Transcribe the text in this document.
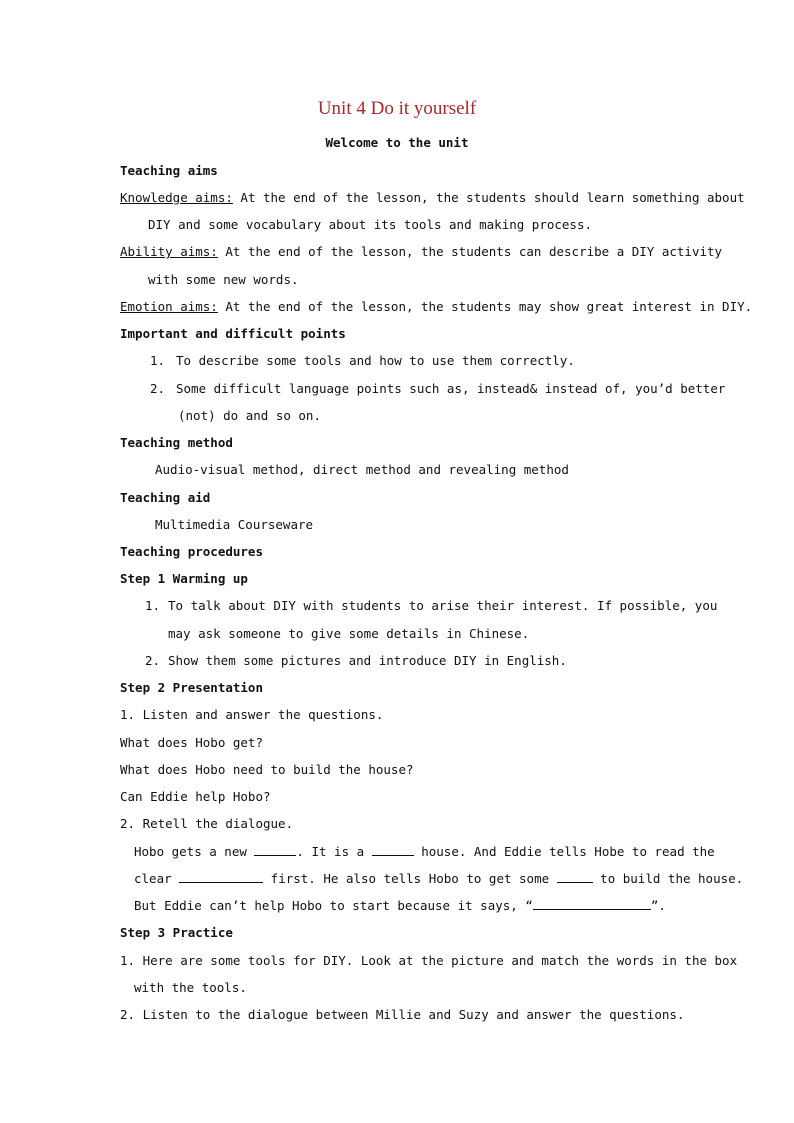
Unit 4 Do it yourself
Welcome to the unit
Teaching aims
Knowledge aims: At the end of the lesson, the students should learn something about
DIY and some vocabulary about its tools and making process.
Ability aims: At the end of the lesson, the students can describe a DIY activity
with some new words.
Emotion aims: At the end of the lesson, the students may show great interest in DIY.
Important and difficult points
1. To describe some tools and how to use them correctly.
2. Some difficult language points such as, instead& instead of, you’d better
(not) do and so on.
Teaching method
Audio-visual method, direct method and revealing method
Teaching aid
Multimedia Courseware
Teaching procedures
Step 1 Warming up
1. To talk about DIY with students to arise their interest. If possible, you
may ask someone to give some details in Chinese.
2. Show them some pictures and introduce DIY in English.
Step 2 Presentation
1. Listen and answer the questions.
What does Hobo get?
What does Hobo need to build the house?
Can Eddie help Hobo?
2. Retell the dialogue.
Hobo gets a new	. It is a	house. And Eddie tells Hobe to read the
clear	first. He also tells Hobo to get some	to build the house.
But Eddie can’t help Hobo to start because it says, “	”.
Step 3 Practice
1. Here are some tools for DIY. Look at the picture and match the words in the box
with the tools.
2. Listen to the dialogue between Millie and Suzy and answer the questions.
